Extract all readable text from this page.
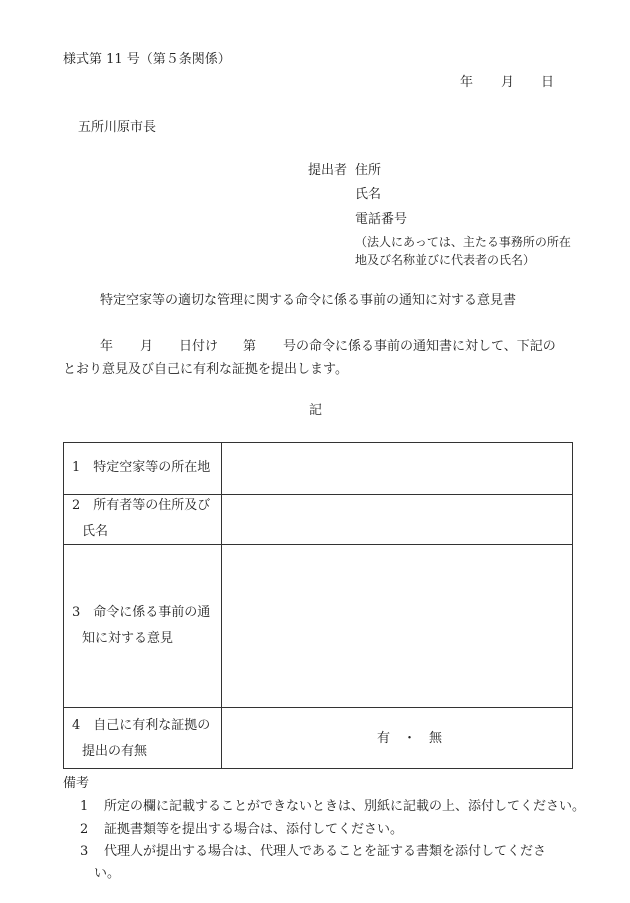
様式第 11 号（第５条関係）
年 月 日
五所川原市長
提出者 住所
氏名
電話番号
（法人にあっては、主たる事務所の所在
地及び名称並びに代表者の氏名）
特定空家等の適切な管理に関する命令に係る事前の通知に対する意見書
年 月 日付け 第 号の命令に係る事前の通知書に対して、下記の
とおり意見及び自己に有利な証拠を提出します。
記
1　特定空家等の所在地
2　所有者等の住所及び
氏名
3　命令に係る事前の通
知に対する意見
4　自己に有利な証拠の
提出の有無
有　・　無
備考
1 所定の欄に記載することができないときは、別紙に記載の上、添付してください。
2 証拠書類等を提出する場合は、添付してください。
3 代理人が提出する場合は、代理人であることを証する書類を添付してくださ
い。
